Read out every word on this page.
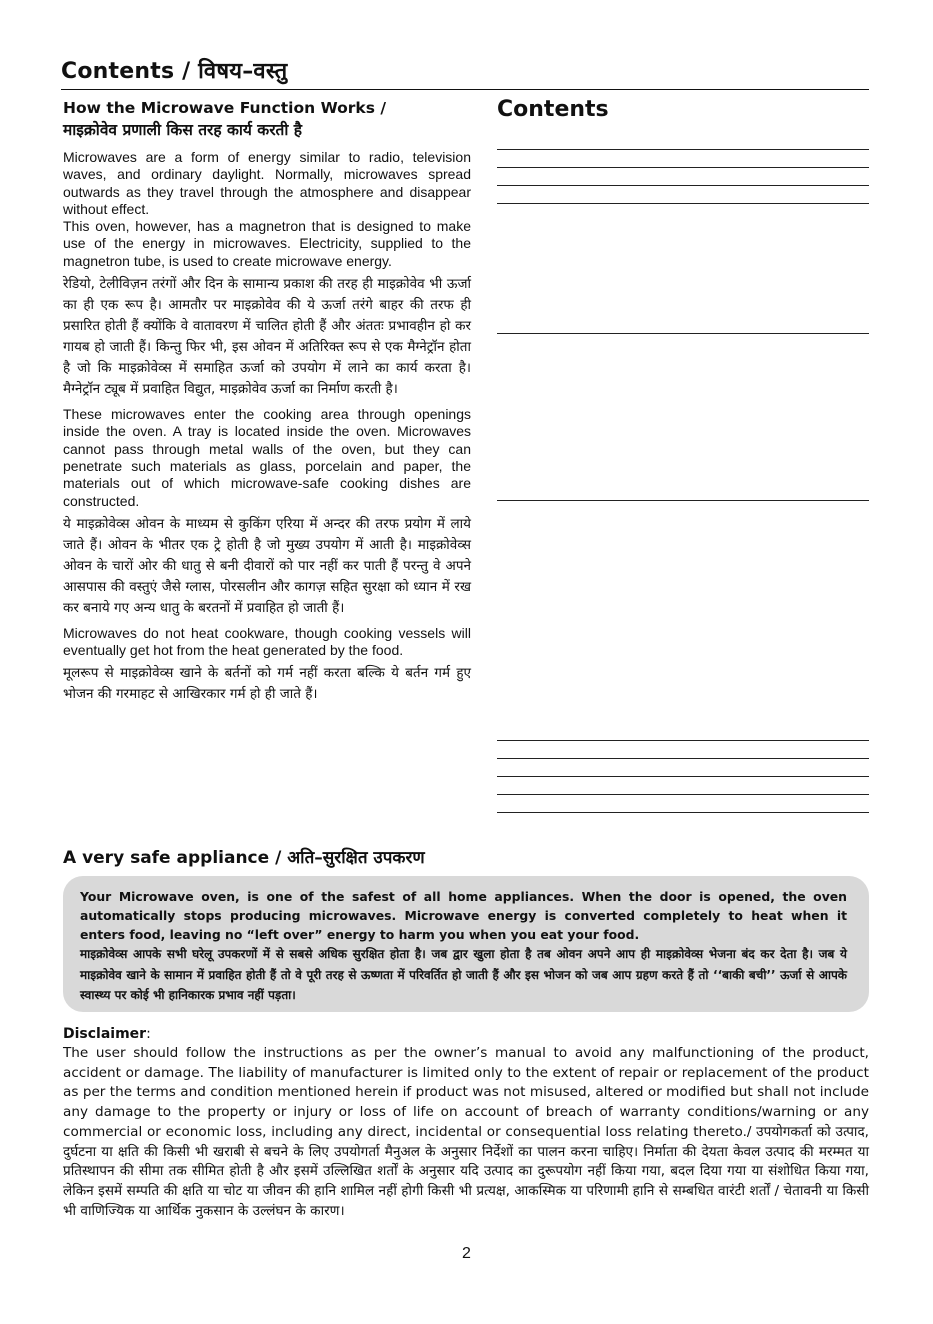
Contents / विषय–वस्तु

How the Microwave Function Works /

माइक्रोवेव प्रणाली किस तरह कार्य करती है

Microwaves are a form of energy similar to radio, television waves, and ordinary daylight. Normally, microwaves spread outwards as they travel through the atmosphere and disappear without effect.

This oven, however, has a magnetron that is designed to make use of the energy in microwaves. Electricity, supplied to the magnetron tube, is used to create microwave energy.

रेडियो, टेलीविज़न तरंगों और दिन के सामान्य प्रकाश की तरह ही माइक्रोवेव भी ऊर्जा का ही एक रूप है। आमतौर पर माइक्रोवेव की ये ऊर्जा तरंगे बाहर की तरफ ही प्रसारित होती हैं क्योंकि वे वातावरण में चालित होती हैं और अंततः प्रभावहीन हो कर गायब हो जाती हैं। किन्तु फिर भी, इस ओवन में अतिरिक्त रूप से एक मैग्नेट्रॉन होता है जो कि माइक्रोवेव्स में समाहित ऊर्जा को उपयोग में लाने का कार्य करता है। मैग्नेट्रॉन ट्यूब में प्रवाहित विद्युत, माइक्रोवेव ऊर्जा का निर्माण करती है।

These microwaves enter the cooking area through openings inside the oven. A tray is located inside the oven. Microwaves cannot pass through metal walls of the oven, but they can penetrate such materials as glass, porcelain and paper, the materials out of which microwave-safe cooking dishes are constructed.

ये माइक्रोवेव्स ओवन के माध्यम से कुकिंग एरिया में अन्दर की तरफ प्रयोग में लाये जाते हैं। ओवन के भीतर एक ट्रे होती है जो मुख्य उपयोग में आती है। माइक्रोवेव्स ओवन के चारों ओर की धातु से बनी दीवारों को पार नहीं कर पाती हैं परन्तु वे अपने आसपास की वस्तुएं जैसे ग्लास, पोरसलीन और कागज़ सहित सुरक्षा को ध्यान में रख कर बनाये गए अन्य धातु के बरतनों में प्रवाहित हो जाती हैं।

Microwaves do not heat cookware, though cooking vessels will eventually get hot from the heat generated by the food.

मूलरूप से माइक्रोवेव्स खाने के बर्तनों को गर्म नहीं करता बल्कि ये बर्तन गर्म हुए भोजन की गरमाहट से आखिरकार गर्म हो ही जाते हैं।

Contents
A very safe appliance / अति–सुरक्षित उपकरण

Your Microwave oven, is one of the safest of all home appliances. When the door is opened, the oven automatically stops producing microwaves. Microwave energy is converted completely to heat when it enters food, leaving no “left over” energy to harm you when you eat your food.

माइक्रोवेव्स आपके सभी घरेलू उपकरणों में से सबसे अधिक सुरक्षित होता है। जब द्वार खुला होता है तब ओवन अपने आप ही माइक्रोवेव्स भेजना बंद कर देता है। जब ये माइक्रोवेव खाने के सामान में प्रवाहित होती हैं तो वे पूरी तरह से ऊष्णता में परिवर्तित हो जाती हैं और इस भोजन को जब आप ग्रहण करते हैं तो ‘‘बाकी बची’’ ऊर्जा से आपके स्वास्थ्य पर कोई भी हानिकारक प्रभाव नहीं पड़ता।

Disclaimer:

The user should follow the instructions as per the owner’s manual to avoid any malfunctioning of the product, accident or damage. The liability of manufacturer is limited only to the extent of repair or replacement of the product as per the terms and condition mentioned herein if product was not misused, altered or modified but shall not include any damage to the property or injury or loss of life on account of breach of warranty conditions/warning or any commercial or economic loss, including any direct, incidental or consequential loss relating thereto./ उपयोगकर्ता को उत्पाद, दुर्घटना या क्षति की किसी भी खराबी से बचने के लिए उपयोगर्ता मैनुअल के अनुसार निर्देशों का पालन करना चाहिए। निर्माता की देयता केवल उत्पाद की मरम्मत या प्रतिस्थापन की सीमा तक सीमित होती है और इसमें उल्लिखित शर्तों के अनुसार यदि उत्पाद का दुरूपयोग नहीं किया गया, बदल दिया गया या संशोधित किया गया, लेकिन इसमें सम्पति की क्षति या चोट या जीवन की हानि शामिल नहीं होगी किसी भी प्रत्यक्ष, आकस्मिक या परिणामी हानि से सम्बधित वारंटी शर्तों / चेतावनी या किसी भी वाणिज्यिक या आर्थिक नुकसान के उल्लंघन के कारण।

2
